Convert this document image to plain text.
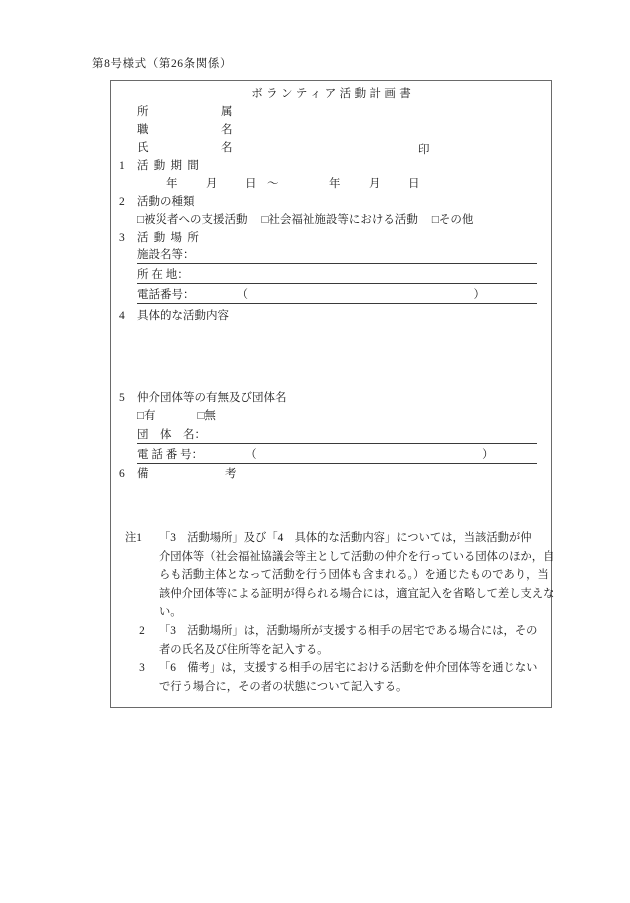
第8号様式（第26条関係）
ボランティア活動計画書
所　　属
職　　名
氏　　名	印
1 活 動 期 間
年 月 日 ～	年 月 日
2 活動の種類
□被災者への支援活動 □社会福祉施設等における活動 □その他
3 活 動 場 所
施設名等：
所 在 地：
電話番号：	（　　　　　）
4 具体的な活動内容
5 仲介団体等の有無及び団体名
□有	□無
団　体　名：
電 話 番 号：	（　　　　　）
6 備　　　考
注1	「3　活動場所」及び「4　具体的な活動内容」については，当該活動が仲
介団体等（社会福祉協議会等主として活動の仲介を行っている団体のほか，自
らも活動主体となって活動を行う団体も含まれる。）を通じたものであり，当
該仲介団体等による証明が得られる場合には，適宜記入を省略して差し支えな
い。
2	「3　活動場所」は，活動場所が支援する相手の居宅である場合には，その
者の氏名及び住所等を記入する。
3	「6　備考」は，支援する相手の居宅における活動を仲介団体等を通じない
で行う場合に，その者の状態について記入する。
